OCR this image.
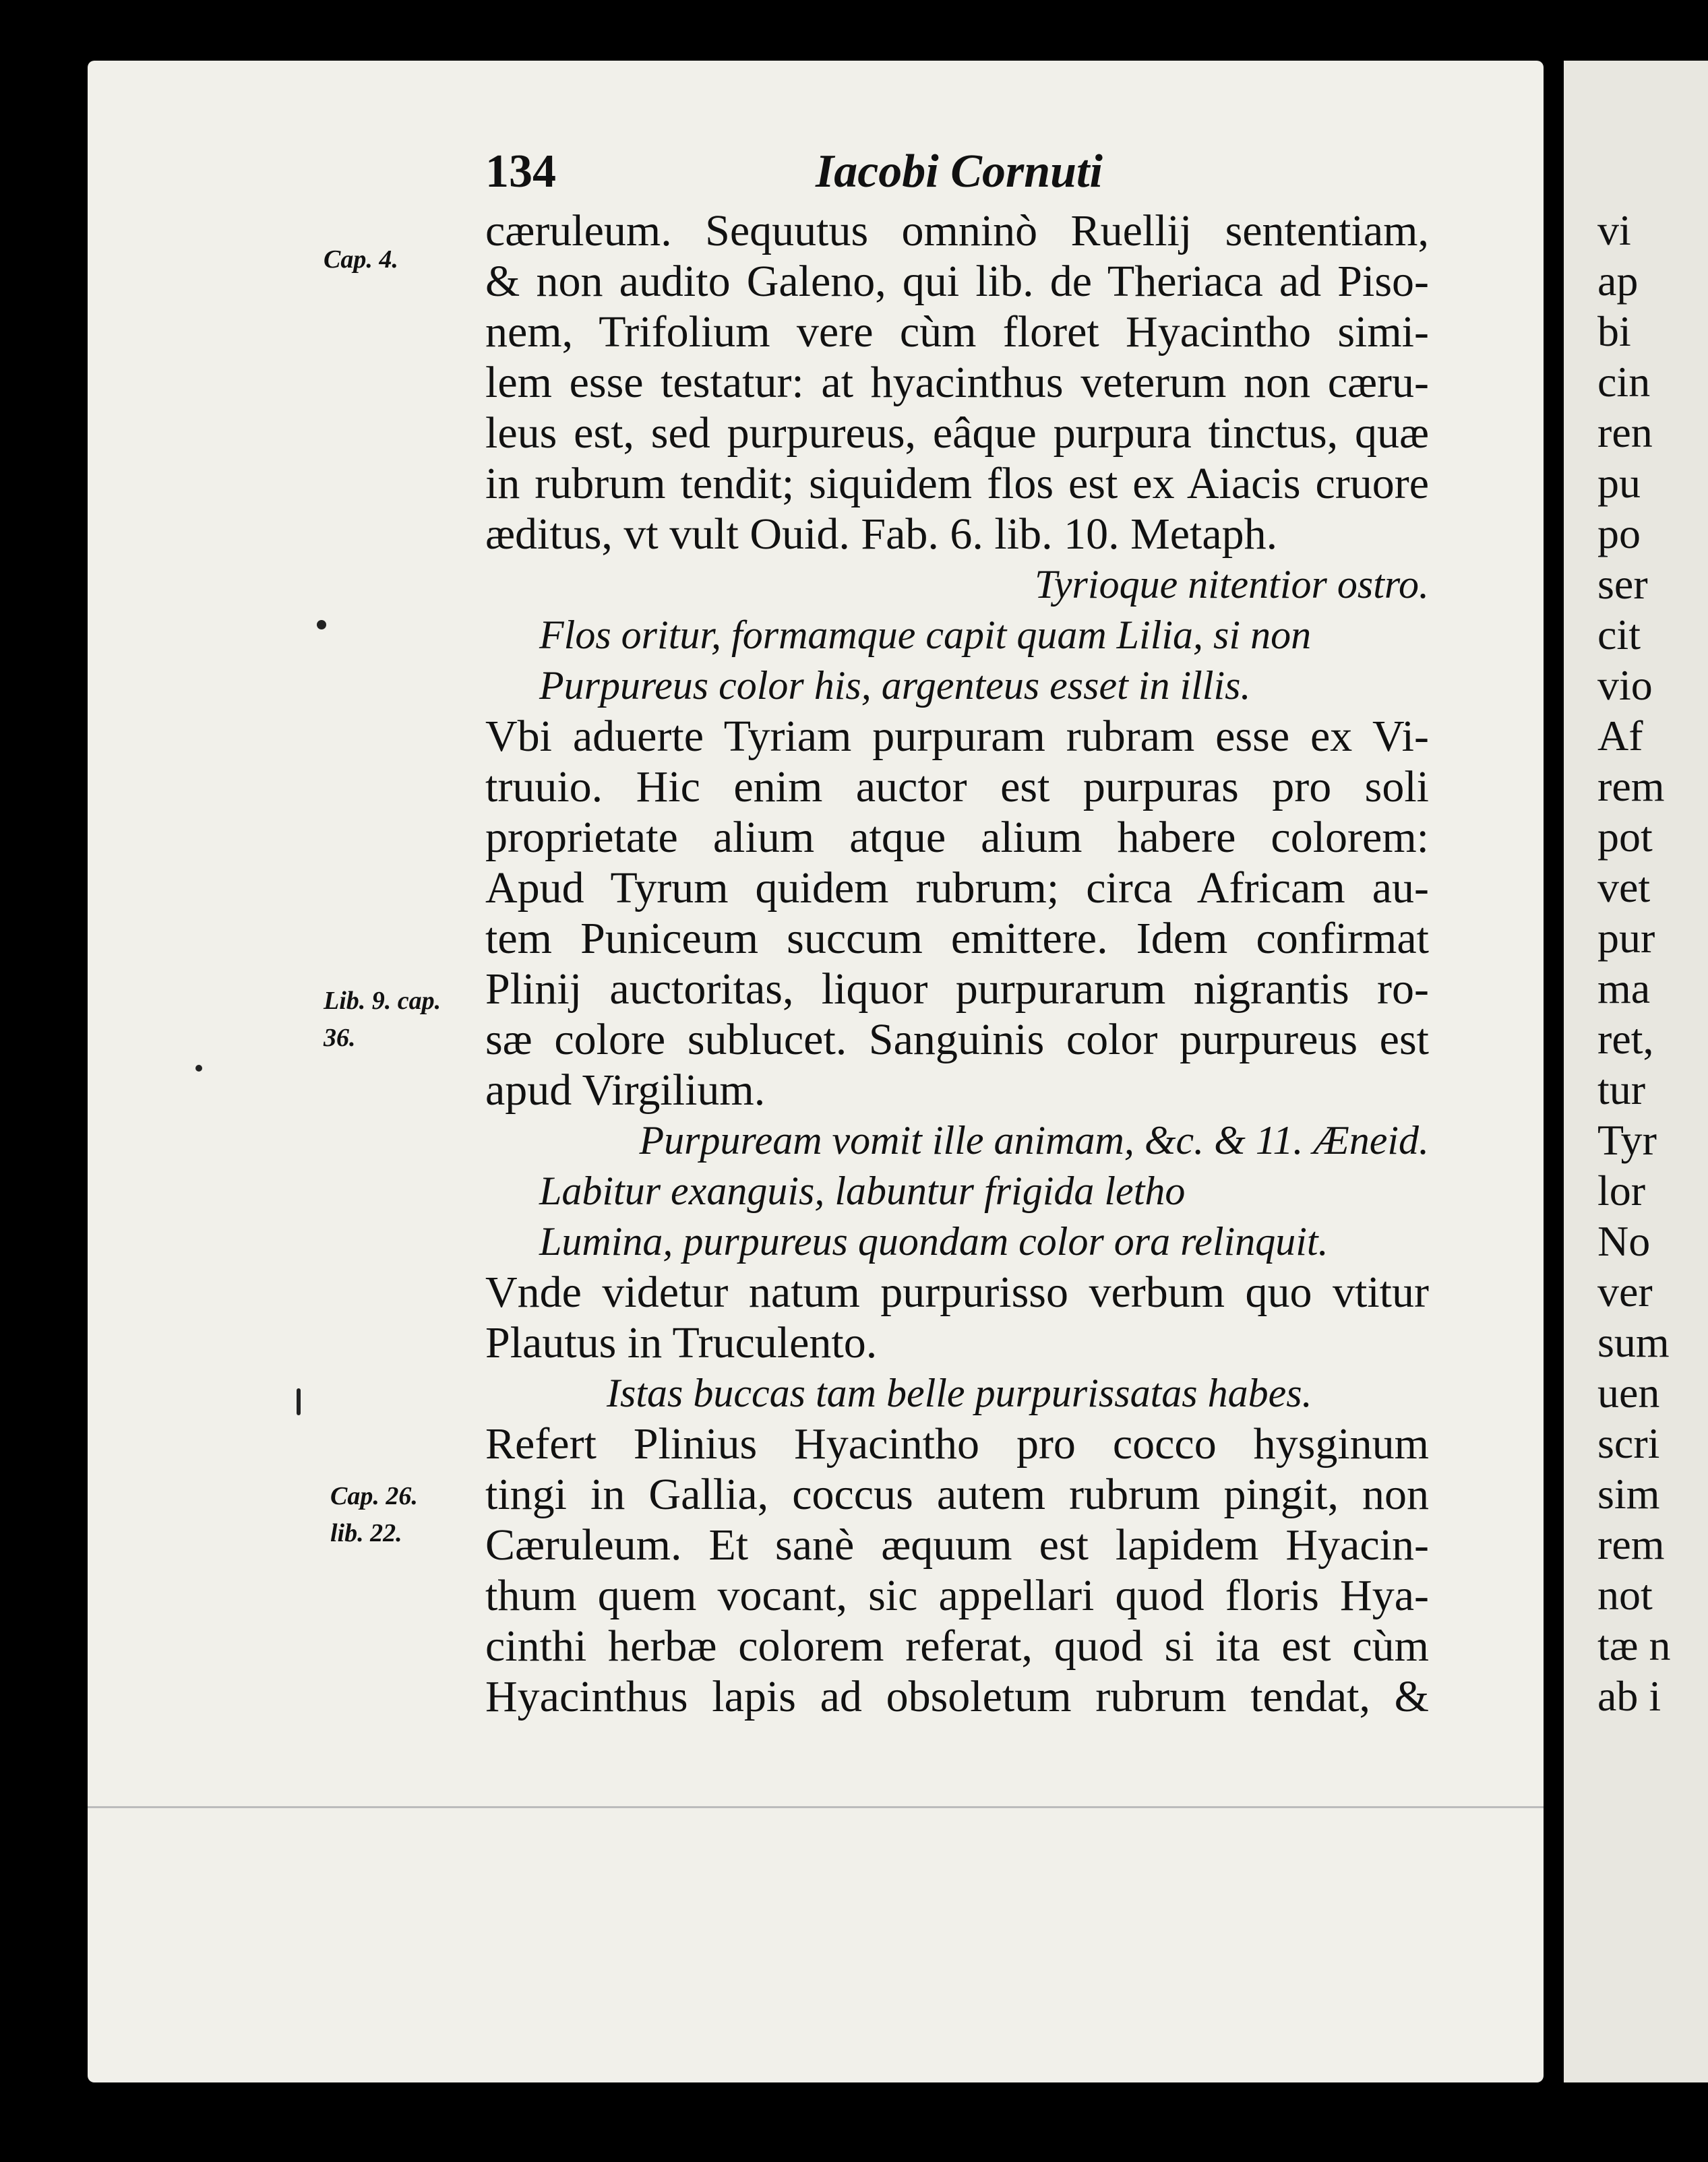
134	Iacobi Cornuti
Cap. 4.
Lib. 9. cap.
36.
Cap. 26.
lib. 22.
cæruleum. Sequutus omninò Ruellij sententiam,
& non audito Galeno, qui lib. de Theriaca ad Piso-
nem, Trifolium vere cùm floret Hyacintho simi-
lem esse testatur: at hyacinthus veterum non cæru-
leus est, sed purpureus, eâque purpura tinctus, quæ
in rubrum tendit; siquidem flos est ex Aiacis cruore
æditus, vt vult Ouid. Fab. 6. lib. 10. Metaph.
Tyrioque nitentior ostro.
Flos oritur, formamque capit quam Lilia, si non
Purpureus color his, argenteus esset in illis.
Vbi aduerte Tyriam purpuram rubram esse ex Vi-
truuio. Hic enim auctor est purpuras pro soli
proprietate alium atque alium habere colorem:
Apud Tyrum quidem rubrum; circa Africam au-
tem Puniceum succum emittere. Idem confirmat
Plinij auctoritas, liquor purpurarum nigrantis ro-
sæ colore sublucet. Sanguinis color purpureus est
apud Virgilium.
Purpuream vomit ille animam, &c. & 11. Æneid.
Labitur exanguis, labuntur frigida letho
Lumina, purpureus quondam color ora relinquit.
Vnde videtur natum purpurisso verbum quo vtitur
Plautus in Truculento.
Istas buccas tam belle purpurissatas habes.
Refert Plinius Hyacintho pro cocco hysginum
tingi in Gallia, coccus autem rubrum pingit, non
Cæruleum. Et sanè æquum est lapidem Hyacin-
thum quem vocant, sic appellari quod floris Hya-
cinthi herbæ colorem referat, quod si ita est cùm
Hyacinthus lapis ad obsoletum rubrum tendat, &
vi
ap
bi
cin
ren
pu
po
ser
cit
vio
Af
rem
pot
vet
pur
ma
ret,
tur
Tyr
lor
No
ver
sum
uen
scri
sim
rem
not
tæ n
ab i
